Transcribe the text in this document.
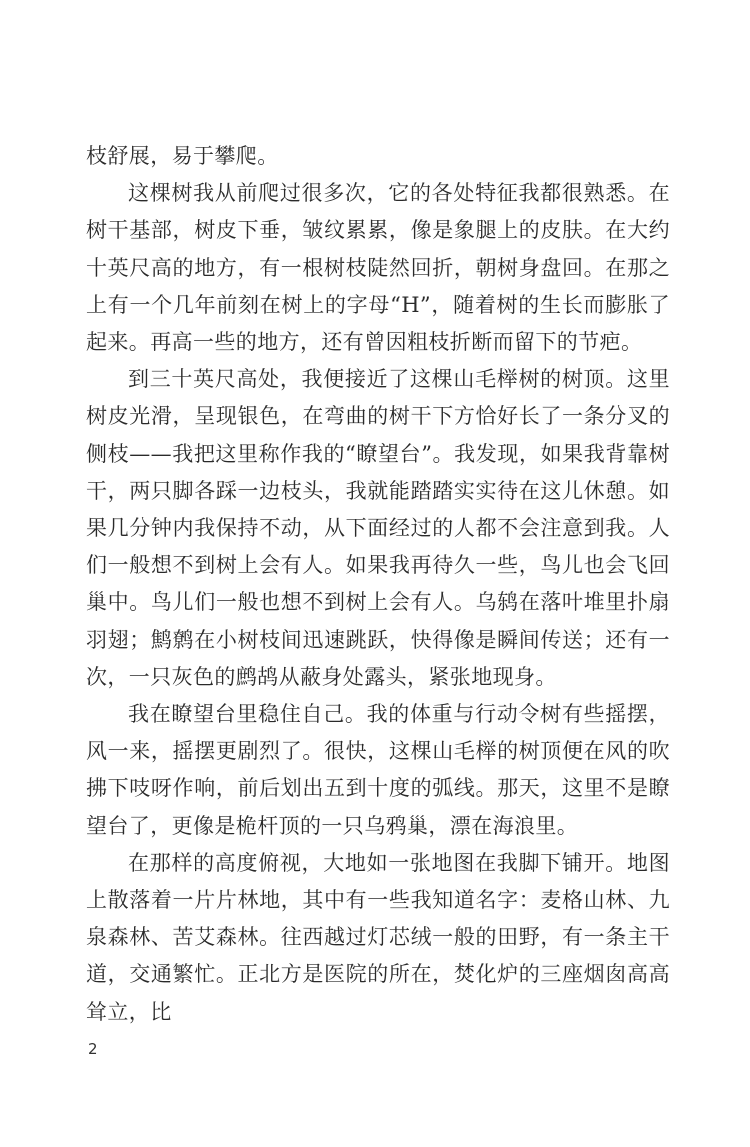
枝舒展，易于攀爬。

这棵树我从前爬过很多次，它的各处特征我都很熟悉。在树干基部，树皮下垂，皱纹累累，像是象腿上的皮肤。在大约十英尺高的地方，有一根树枝陡然回折，朝树身盘回。在那之上有一个几年前刻在树上的字母“H”，随着树的生长而膨胀了起来。再高一些的地方，还有曾因粗枝折断而留下的节疤。

到三十英尺高处，我便接近了这棵山毛榉树的树顶。这里树皮光滑，呈现银色，在弯曲的树干下方恰好长了一条分叉的侧枝——我把这里称作我的“瞭望台”。我发现，如果我背靠树干，两只脚各踩一边枝头，我就能踏踏实实待在这儿休憩。如果几分钟内我保持不动，从下面经过的人都不会注意到我。人们一般想不到树上会有人。如果我再待久一些，鸟儿也会飞回巢中。鸟儿们一般也想不到树上会有人。乌鸫在落叶堆里扑扇羽翅；鹪鹩在小树枝间迅速跳跃，快得像是瞬间传送；还有一次，一只灰色的鹧鸪从蔽身处露头，紧张地现身。

我在瞭望台里稳住自己。我的体重与行动令树有些摇摆，风一来，摇摆更剧烈了。很快，这棵山毛榉的树顶便在风的吹拂下吱呀作响，前后划出五到十度的弧线。那天，这里不是瞭望台了，更像是桅杆顶的一只乌鸦巢，漂在海浪里。

在那样的高度俯视，大地如一张地图在我脚下铺开。地图上散落着一片片林地，其中有一些我知道名字：麦格山林、九泉森林、苦艾森林。往西越过灯芯绒一般的田野，有一条主干道，交通繁忙。正北方是医院的所在，焚化炉的三座烟囱高高耸立，比

2
